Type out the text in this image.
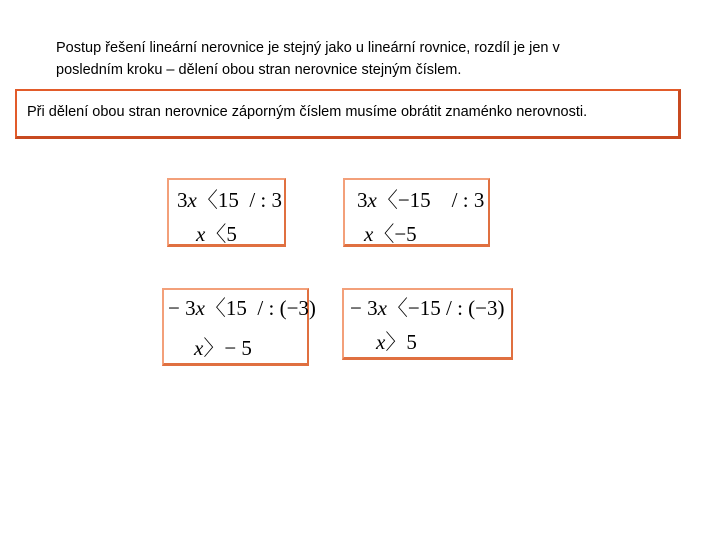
Postup řešení lineární nerovnice je stejný jako u lineární rovnice, rozdíl je jen v

posledním kroku – dělení obou stran nerovnice stejným číslem.

Při dělení obou stran nerovnice záporným číslem musíme obrátit znaménko nerovnosti.
3x〈15  / : 3
x〈5
3x〈−15    / : 3
x〈−5
− 3x〈15  / : (−3)
x〉− 5
− 3x〈−15 / : (−3)
x〉5
